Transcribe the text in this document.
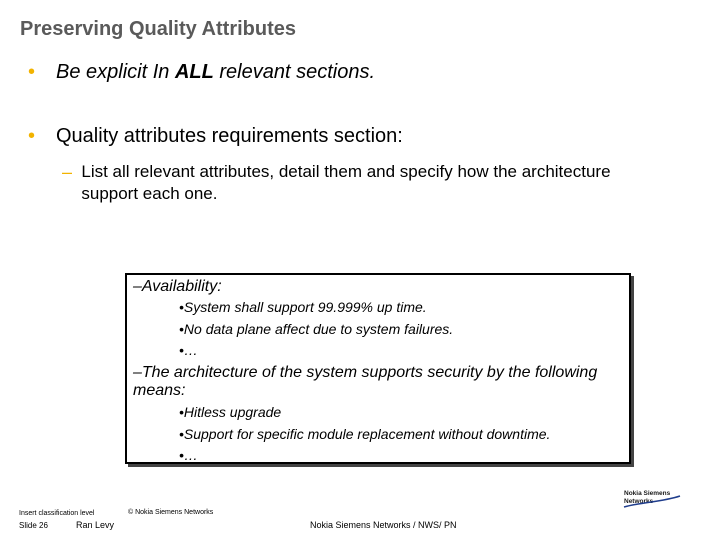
Preserving Quality Attributes
•	Be explicit In ALL relevant sections.
•	Quality attributes requirements section:
– List all relevant attributes, detail them and specify how the architecture support each one.
–Availability:
•System shall support 99.999% up time.
•No data plane affect due to system failures.
•…
–The architecture of the system supports security by the following means:
•Hitless upgrade
•Support for specific module replacement without downtime.
•…
Insert classification level
Slide 26	Ran Levy
© Nokia Siemens Networks
Nokia Siemens Networks / NWS/ PN
Nokia Siemens
Networks
